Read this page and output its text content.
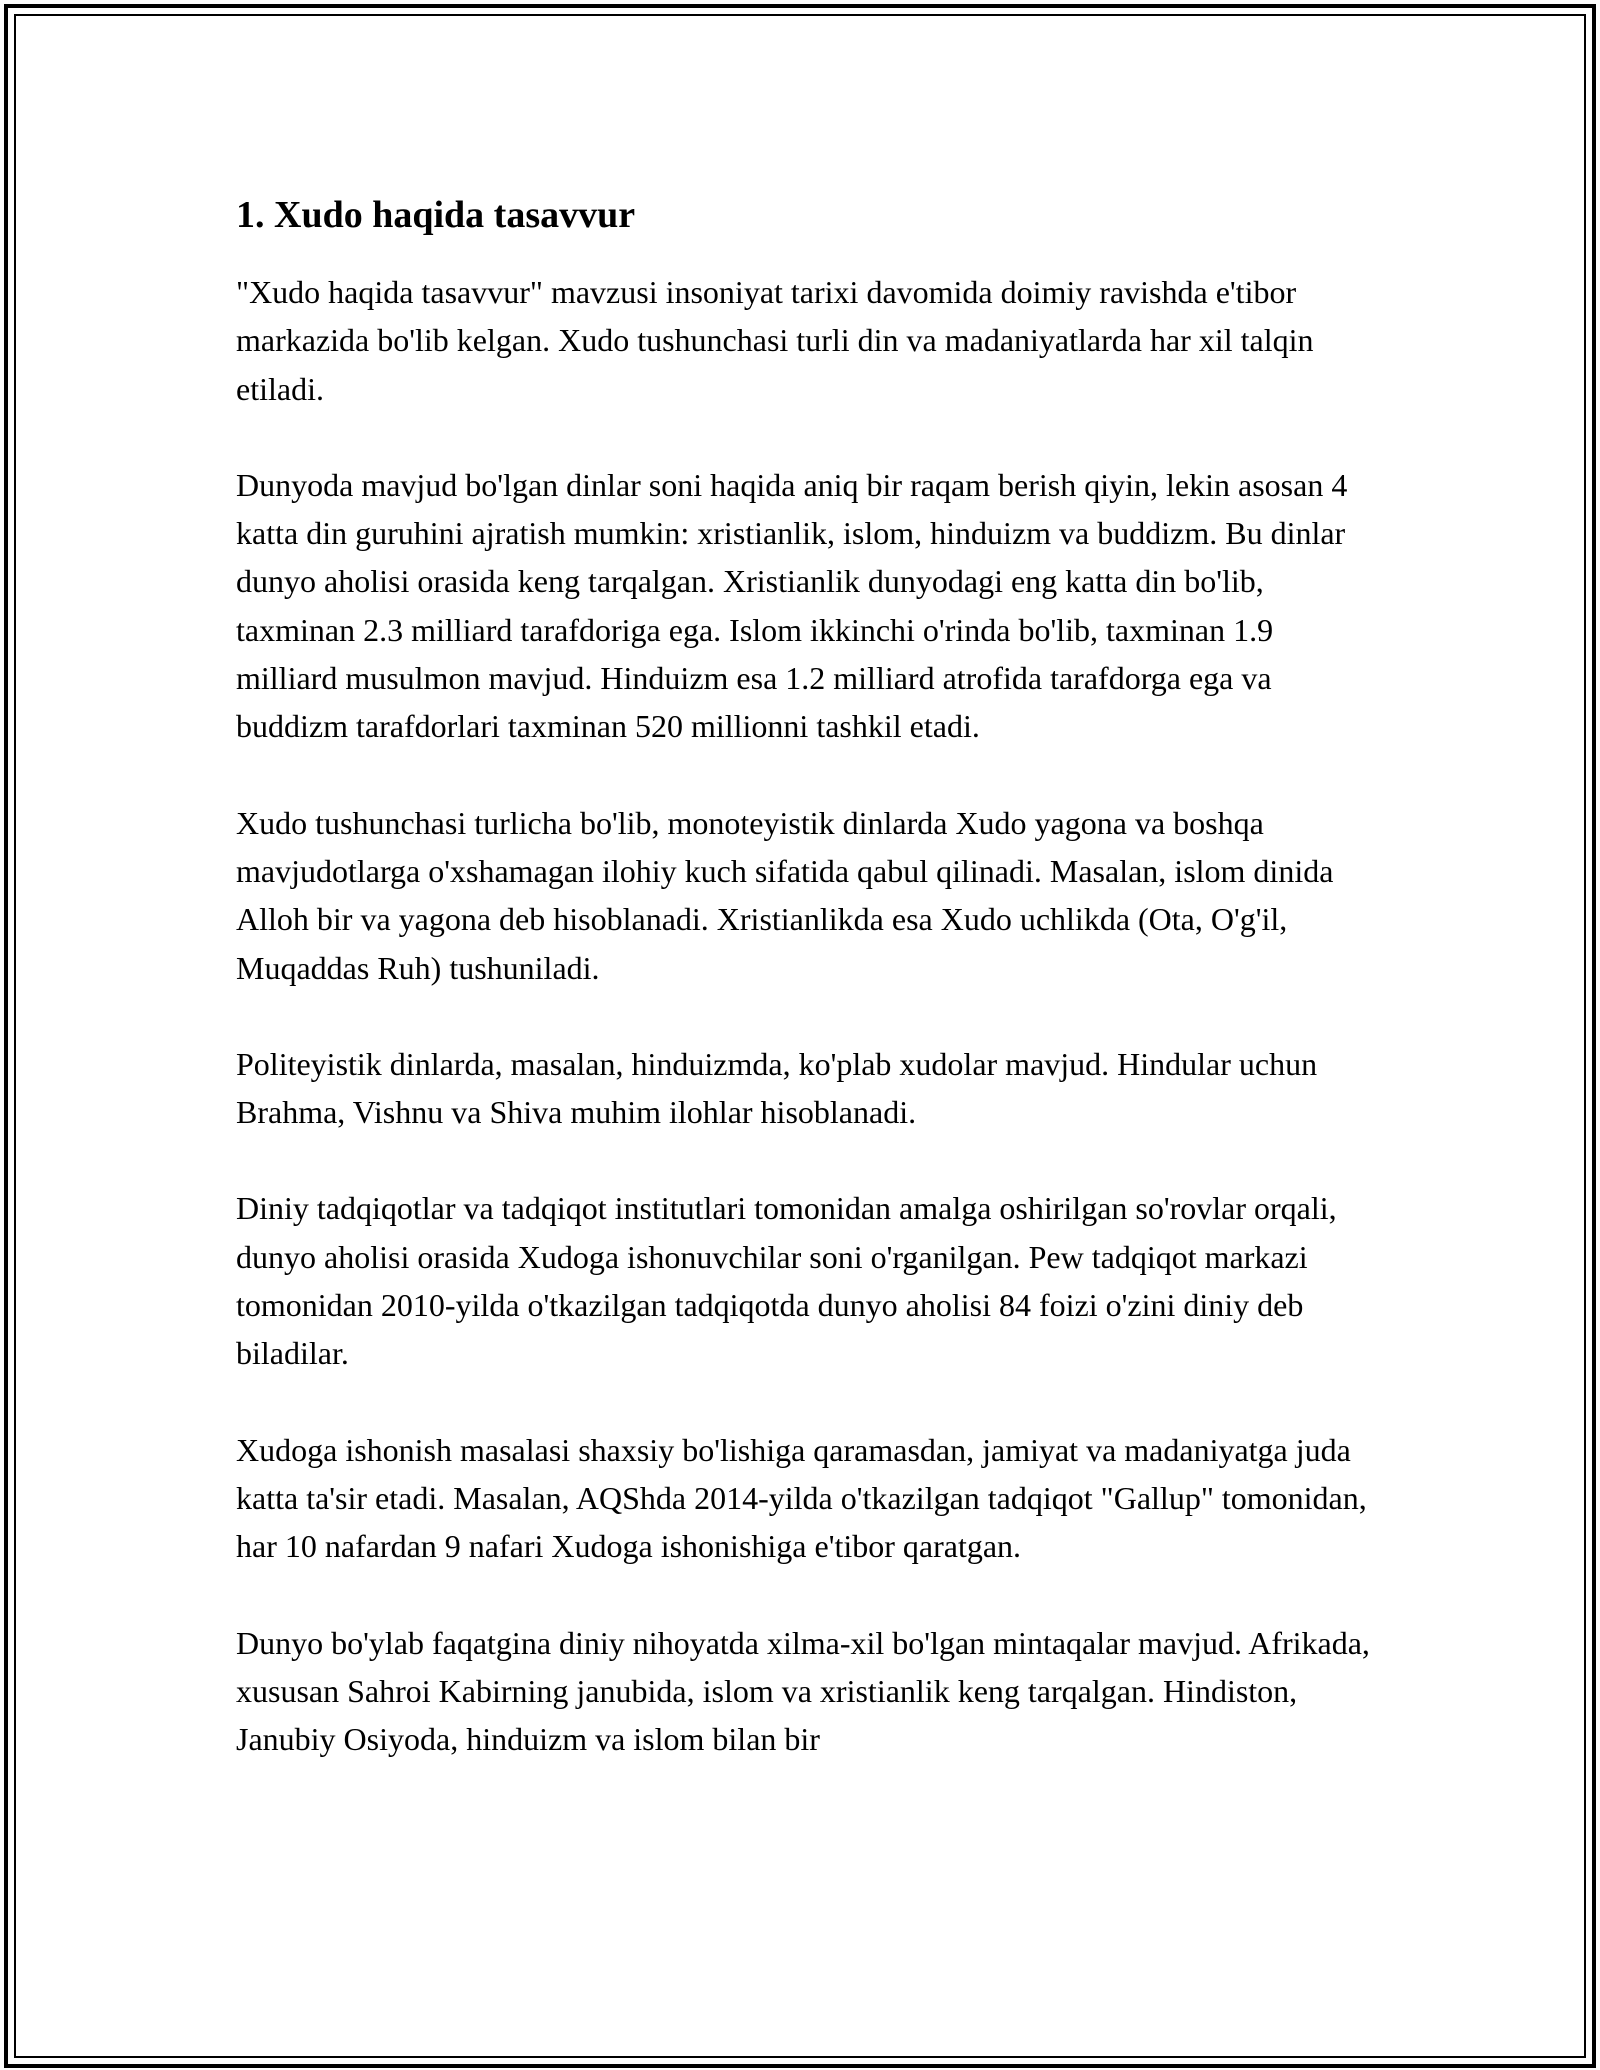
1. Xudo haqida tasavvur

"Xudo haqida tasavvur" mavzusi insoniyat tarixi davomida doimiy ravishda e'tibor markazida bo'lib kelgan. Xudo tushunchasi turli din va madaniyatlarda har xil talqin etiladi.

Dunyoda mavjud bo'lgan dinlar soni haqida aniq bir raqam berish qiyin, lekin asosan 4 katta din guruhini ajratish mumkin: xristianlik, islom, hinduizm va buddizm. Bu dinlar dunyo aholisi orasida keng tarqalgan. Xristianlik dunyodagi eng katta din bo'lib, taxminan 2.3 milliard tarafdoriga ega. Islom ikkinchi o'rinda bo'lib, taxminan 1.9 milliard musulmon mavjud. Hinduizm esa 1.2 milliard atrofida tarafdorga ega va buddizm tarafdorlari taxminan 520 millionni tashkil etadi.

Xudo tushunchasi turlicha bo'lib, monoteyistik dinlarda Xudo yagona va boshqa mavjudotlarga o'xshamagan ilohiy kuch sifatida qabul qilinadi. Masalan, islom dinida Alloh bir va yagona deb hisoblanadi. Xristianlikda esa Xudo uchlikda (Ota, O'g'il, Muqaddas Ruh) tushuniladi.

Politeyistik dinlarda, masalan, hinduizmda, ko'plab xudolar mavjud. Hindular uchun Brahma, Vishnu va Shiva muhim ilohlar hisoblanadi.

Diniy tadqiqotlar va tadqiqot institutlari tomonidan amalga oshirilgan so'rovlar orqali, dunyo aholisi orasida Xudoga ishonuvchilar soni o'rganilgan. Pew tadqiqot markazi tomonidan 2010-yilda o'tkazilgan tadqiqotda dunyo aholisi 84 foizi o'zini diniy deb biladilar.

Xudoga ishonish masalasi shaxsiy bo'lishiga qaramasdan, jamiyat va madaniyatga juda katta ta'sir etadi. Masalan, AQShda 2014-yilda o'tkazilgan tadqiqot "Gallup" tomonidan, har 10 nafardan 9 nafari Xudoga ishonishiga e'tibor qaratgan.

Dunyo bo'ylab faqatgina diniy nihoyatda xilma-xil bo'lgan mintaqalar mavjud. Afrikada, xususan Sahroi Kabirning janubida, islom va xristianlik keng tarqalgan. Hindiston, Janubiy Osiyoda, hinduizm va islom bilan bir
